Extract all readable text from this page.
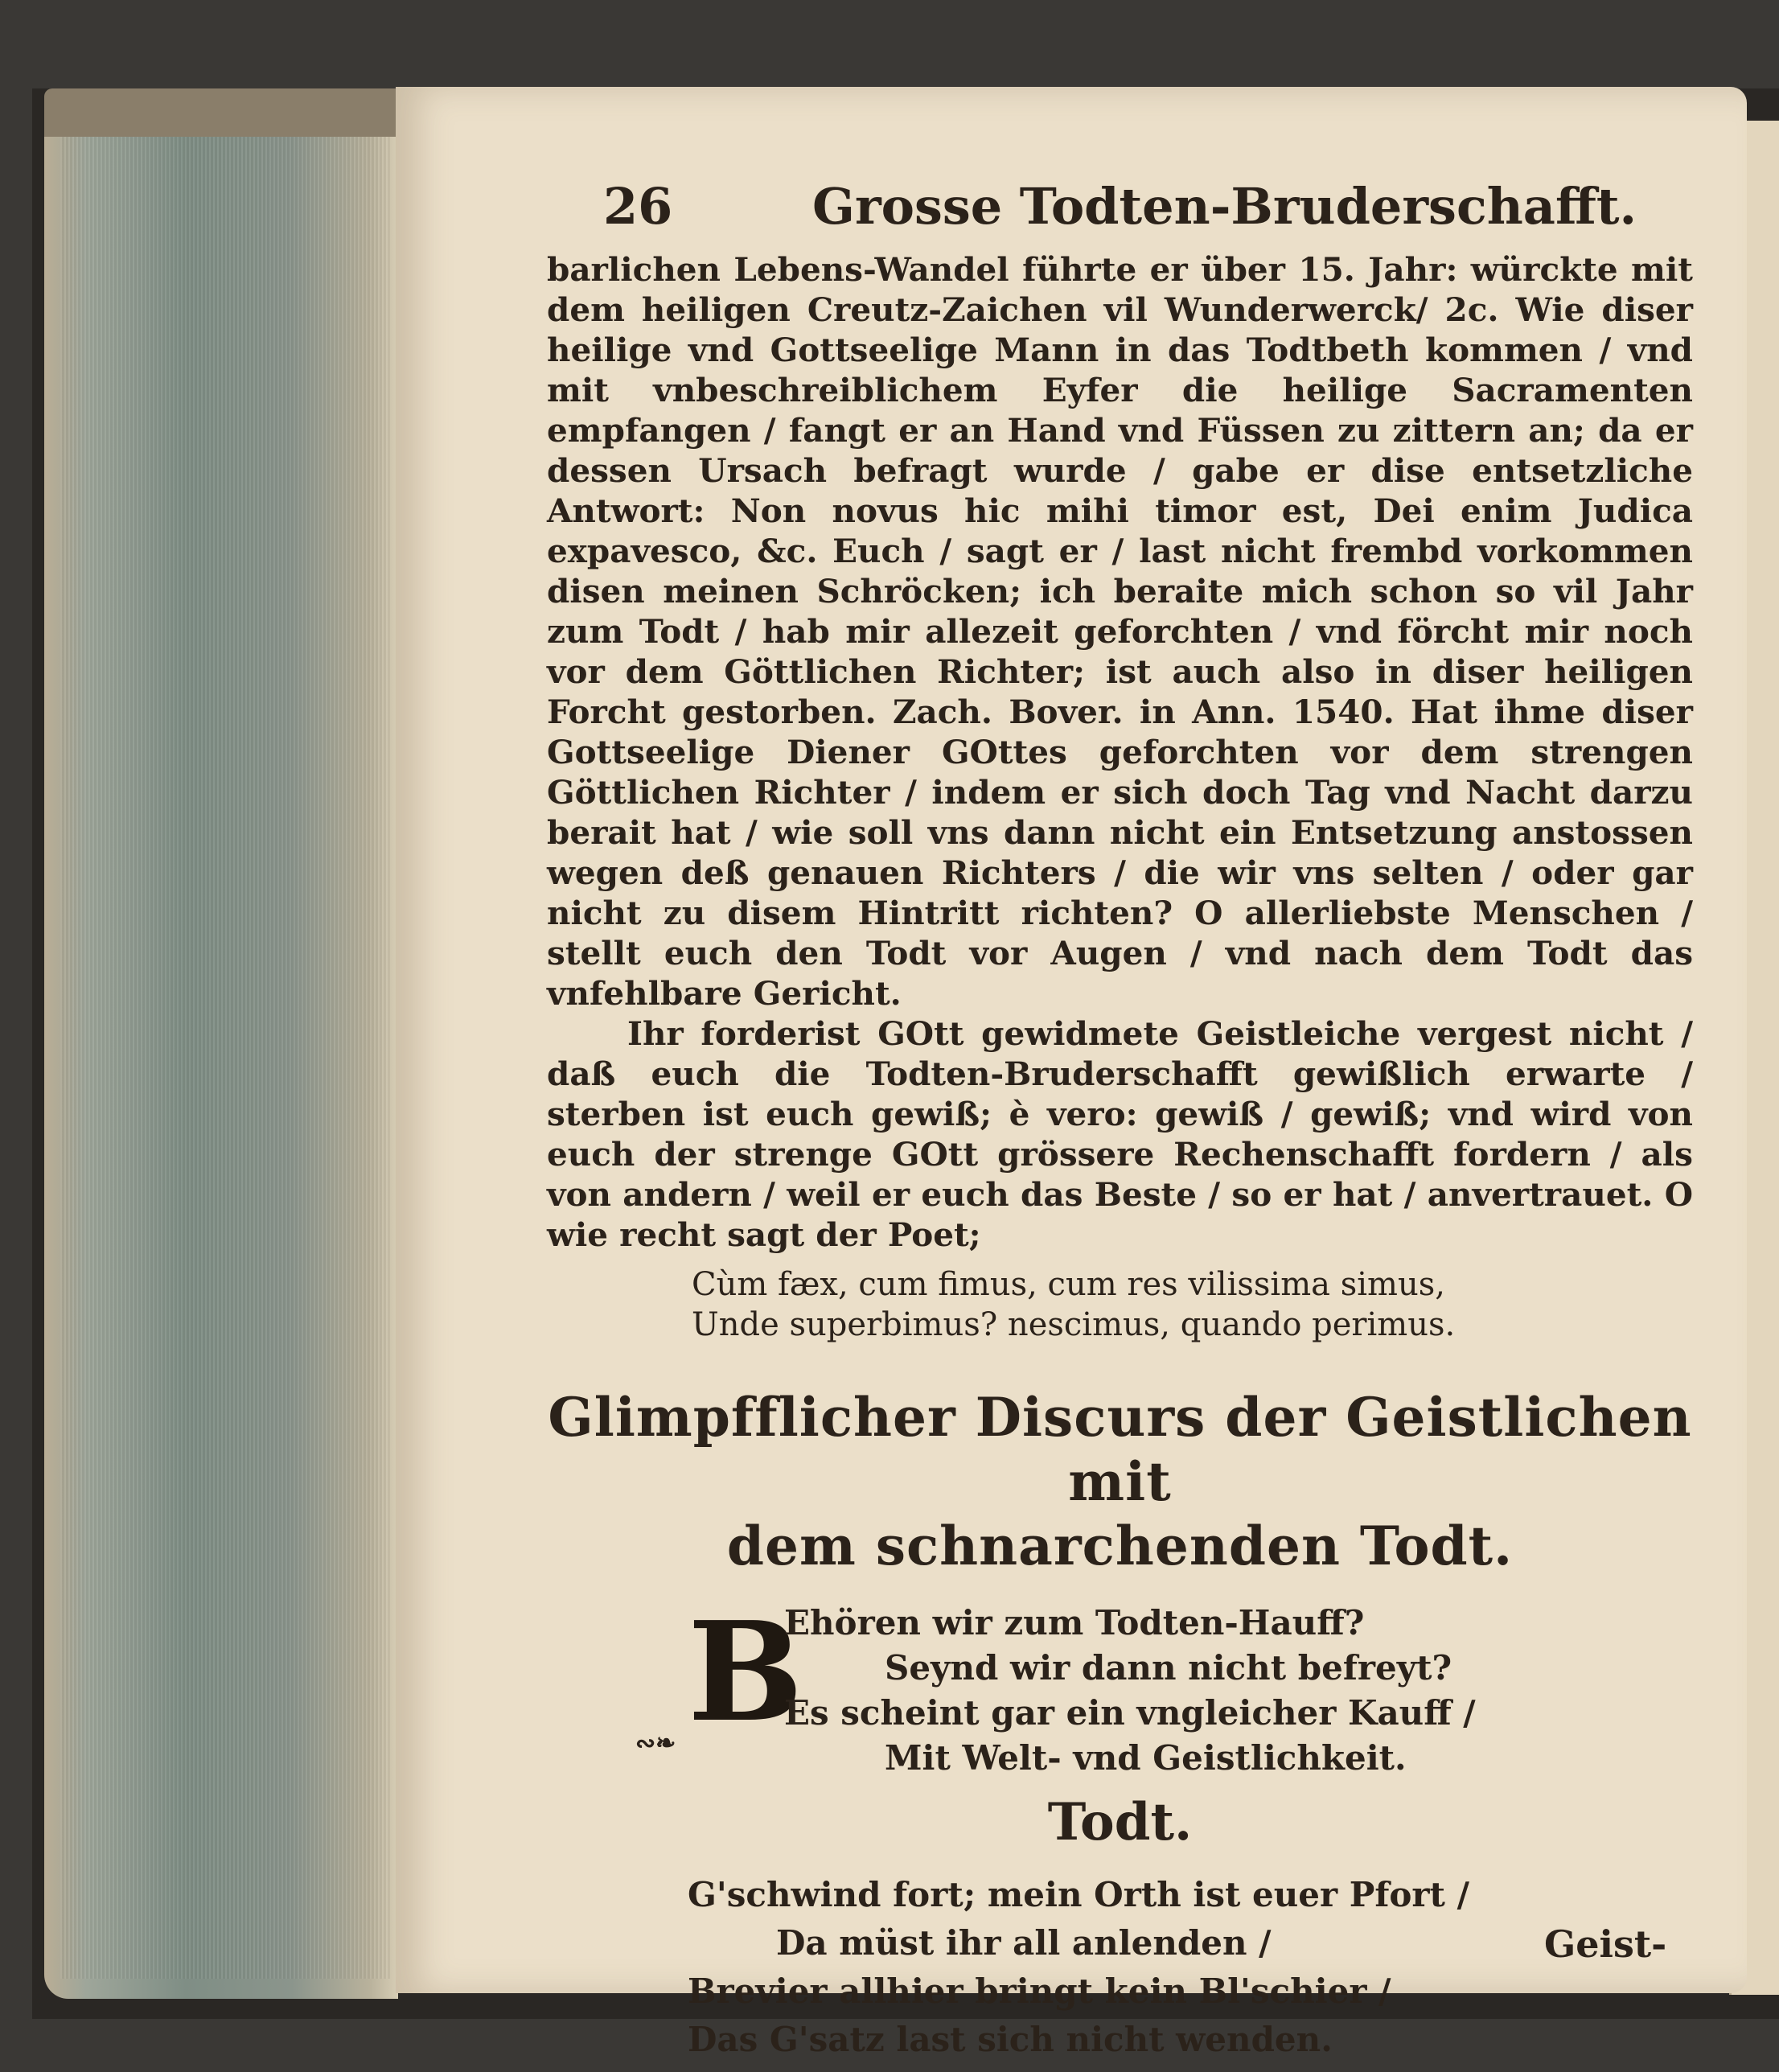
26	Grosse Todten-Bruderschafft.

barlichen Lebens-Wandel führte er über 15. Jahr: würckte mit dem heiligen Creutz-Zaichen vil Wunderwerck/ 2c. Wie diser heilige vnd Gottseelige Mann in das Todtbeth kommen / vnd mit vnbeschreiblichem Eyfer die heilige Sacramenten empfangen / fangt er an Hand vnd Füssen zu zittern an; da er dessen Ursach befragt wurde / gabe er dise entsetzliche Antwort: Non novus hic mihi timor est, Dei enim Judica expavesco, &c. Euch / sagt er / last nicht frembd vorkommen disen meinen Schröcken; ich beraite mich schon so vil Jahr zum Todt / hab mir allezeit geforchten / vnd förcht mir noch vor dem Göttlichen Richter; ist auch also in diser heiligen Forcht gestorben. Zach. Bover. in Ann. 1540. Hat ihme diser Gottseelige Diener GOttes geforchten vor dem strengen Göttlichen Richter / indem er sich doch Tag vnd Nacht darzu berait hat / wie soll vns dann nicht ein Entsetzung anstossen wegen deß genauen Richters / die wir vns selten / oder gar nicht zu disem Hintritt richten? O allerliebste Menschen / stellt euch den Todt vor Augen / vnd nach dem Todt das vnfehlbare Gericht.

Ihr forderist GOtt gewidmete Geistleiche vergest nicht / daß euch die Todten-Bruderschafft gewißlich erwarte / sterben ist euch gewiß; è vero: gewiß / gewiß; vnd wird von euch der strenge GOtt grössere Rechenschafft fordern / als von andern / weil er euch das Beste / so er hat / anvertrauet. O wie recht sagt der Poet;

Cùm fæx, cum fimus, cum res vilissima simus,
Unde superbimus? nescimus, quando perimus.
Glimpfflicher Discurs der Geistlichen mit
dem schnarchenden Todt.
B
∾❧
Ehören wir zum Todten-Hauff?
Seynd wir dann nicht befreyt?
Es scheint gar ein vngleicher Kauff /
Mit Welt- vnd Geistlichkeit.
Todt.
G'schwind fort; mein Orth ist euer Pfort /
Da müst ihr all anlenden /
Brevier allhier bringt kein Bl'schier /
Das G'satz last sich nicht wenden.
Geist-
